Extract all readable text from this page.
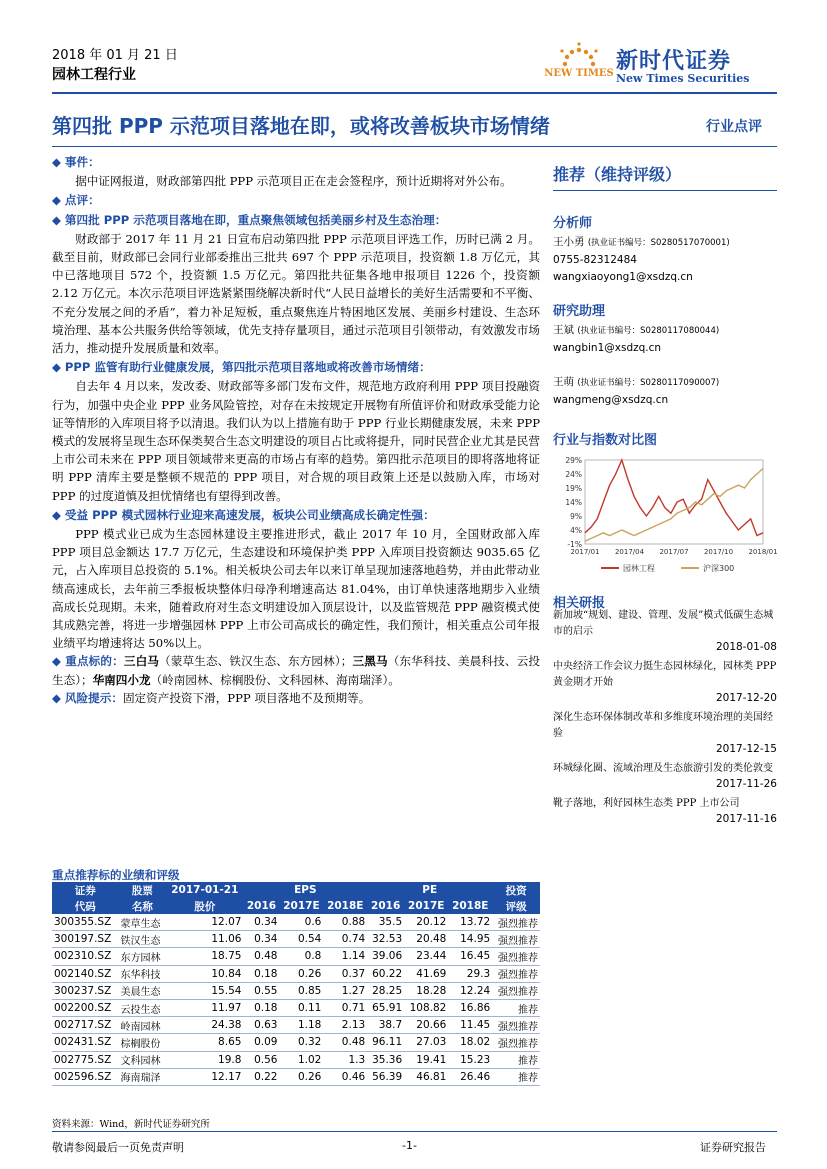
2018 年 01 月 21 日
园林工程行业	NEW TIMES 新时代证券
New Times Securities
第四批 PPP 示范项目落地在即，或将改善板块市场情绪	行业点评
◆ 事件：

据中证网报道，财政部第四批 PPP 示范项目正在走会签程序，预计近期将对外公布。

◆ 点评：
◆ 第四批 PPP 示范项目落地在即，重点聚焦领域包括美丽乡村及生态治理：

财政部于 2017 年 11 月 21 日宣布启动第四批 PPP 示范项目评选工作，历时已满 2 月。截至目前，财政部已会同行业部委推出三批共 697 个 PPP 示范项目，投资额 1.8 万亿元，其中已落地项目 572 个，投资额 1.5 万亿元。第四批共征集各地申报项目 1226 个，投资额 2.12 万亿元。本次示范项目评选紧紧围绕解决新时代“人民日益增长的美好生活需要和不平衡、不充分发展之间的矛盾”，着力补足短板，重点聚焦连片特困地区发展、美丽乡村建设、生态环境治理、基本公共服务供给等领域，优先支持存量项目，通过示范项目引领带动，有效激发市场活力，推动提升发展质量和效率。

◆ PPP 监管有助行业健康发展，第四批示范项目落地或将改善市场情绪：

自去年 4 月以来，发改委、财政部等多部门发布文件，规范地方政府利用 PPP 项目投融资行为，加强中央企业 PPP 业务风险管控，对存在未按规定开展物有所值评价和财政承受能力论证等情形的入库项目将予以清退。我们认为以上措施有助于 PPP 行业长期健康发展，未来 PPP 模式的发展将呈现生态环保类契合生态文明建设的项目占比或将提升，同时民营企业尤其是民营上市公司未来在 PPP 项目领域带来更高的市场占有率的趋势。第四批示范项目的即将落地将证明 PPP 清库主要是整顿不规范的 PPP 项目，对合规的项目政策上还是以鼓励入库，市场对 PPP 的过度道慎及担忧情绪也有望得到改善。

◆ 受益 PPP 模式园林行业迎来高速发展，板块公司业绩高成长确定性强：

PPP 模式业已成为生态园林建设主要推进形式，截止 2017 年 10 月，全国财政部入库 PPP 项目总金额达 17.7 万亿元，生态建设和环境保护类 PPP 入库项目投资额达 9035.65 亿元，占入库项目总投资的 5.1%。相关板块公司去年以来订单呈现加速落地趋势，并由此带动业绩高速成长，去年前三季报板块整体归母净利增速高达 81.04%，由订单快速落地期步入业绩高成长兑现期。未来，随着政府对生态文明建设加入顶层设计，以及监管规范 PPP 融资模式使其成熟完善，将进一步增强园林 PPP 上市公司高成长的确定性，我们预计，相关重点公司年报业绩平均增速将达 50%以上。

◆ 重点标的：三白马（蒙草生态、铁汉生态、东方园林）；三黑马（东华科技、美晨科技、云投生态）；华南四小龙（岭南园林、棕榈股份、文科园林、海南瑞泽）。
◆ 风险提示：固定资产投资下滑，PPP 项目落地不及预期等。
推荐（维持评级）
分析师
王小勇 (执业证书编号：S0280517070001)
0755-82312484
wangxiaoyong1@xsdzq.cn
研究助理
王斌 (执业证书编号：S0280117080044)
wangbin1@xsdzq.cn
王萌 (执业证书编号：S0280117090007)
wangmeng@xsdzq.cn
行业与指数对比图
-1%
4%
9%
14%
19%
24%
29%
2017/01 2017/04 2017/07 2017/10 2018/01
园林工程	沪深300
相关研报
新加坡“规划、建设、管理、发展”模式低碳生态城市的启示
2018-01-08
中央经济工作会议力挺生态园林绿化，园林类 PPP 黄金期才开始
2017-12-20
深化生态环保体制改革和多维度环境治理的美国经验
2017-12-15
环城绿化圈、流域治理及生态旅游引发的类伦敦变
2017-11-26
靴子落地，利好园林生态类 PPP 上市公司
2017-11-16
重点推荐标的业绩和评级
证券	股票	2017-01-21	EPS			PE			投资
代码	名称	股价	2016	2017E	2018E	2016	2017E	2018E	评级
300355.SZ	蒙草生态	12.07	0.34	0.6	0.88	35.5	20.12	13.72	强烈推荐
300197.SZ	铁汉生态	11.06	0.34	0.54	0.74	32.53	20.48	14.95	强烈推荐
002310.SZ	东方园林	18.75	0.48	0.8	1.14	39.06	23.44	16.45	强烈推荐
002140.SZ	东华科技	10.84	0.18	0.26	0.37	60.22	41.69	29.3	强烈推荐
300237.SZ	美晨生态	15.54	0.55	0.85	1.27	28.25	18.28	12.24	强烈推荐
002200.SZ	云投生态	11.97	0.18	0.11	0.71	65.91	108.82	16.86	推荐
002717.SZ	岭南园林	24.38	0.63	1.18	2.13	38.7	20.66	11.45	强烈推荐
002431.SZ	棕榈股份	8.65	0.09	0.32	0.48	96.11	27.03	18.02	强烈推荐
002775.SZ	文科园林	19.8	0.56	1.02	1.3	35.36	19.41	15.23	推荐
002596.SZ	海南瑞泽	12.17	0.22	0.26	0.46	56.39	46.81	26.46	推荐
资料来源：Wind，新时代证券研究所
敬请参阅最后一页免责声明	-1-	证券研究报告
